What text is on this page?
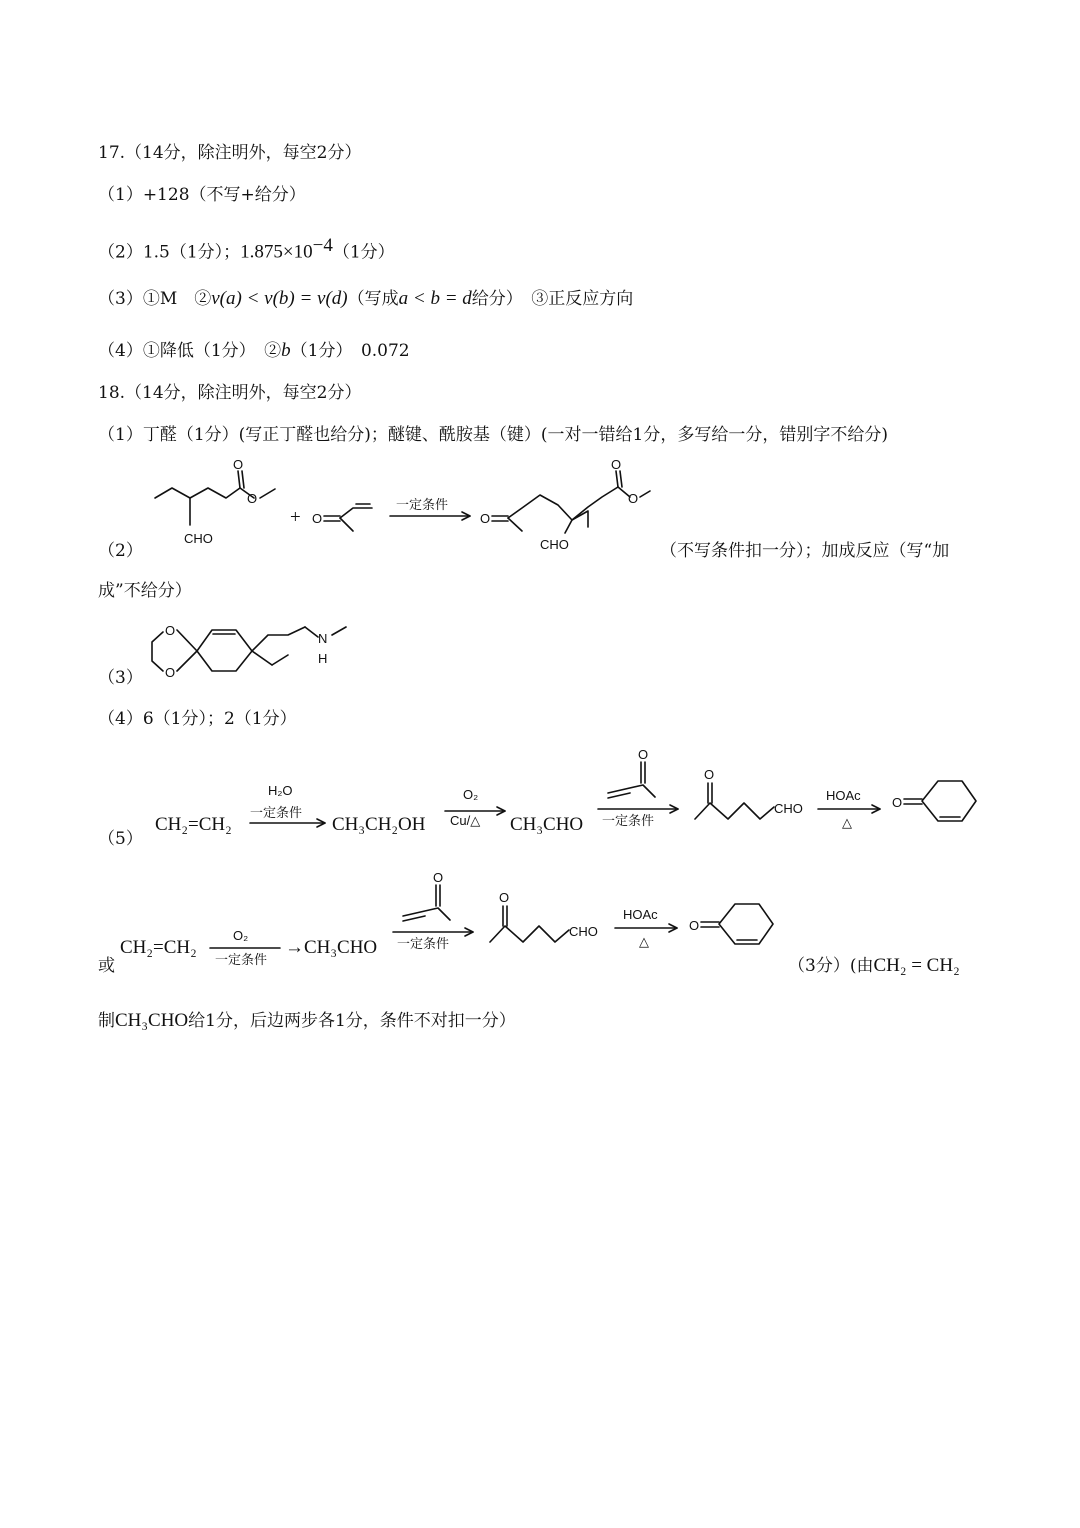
17.（14分，除注明外，每空2分）
（1）+128（不写+给分）
（2）1.5（1分）；$1.875\times 10^{-4}(1$分）
（3）①M　②v(a) < v(b) = v(d)（写成a < b = d给分）　③正反应方向
（4）①降低（1分）　②b（1分）　0.072
18.（14分，除注明外，每空2分）
（1）丁醛（1分）(写正丁醛也给分)；醚键、酰胺基（键）(一对一错给1分，多写给一分，错别字不给分)
（2）
O
O
CHO
+ O
一定条件
O
O
O
CHO	（不写条件扣一分）；加成反应（写“加
成”不给分）
（3）
O
O
N
H
（4）6（1分）；2（1分）
（5）
CH₂=CH₂
H₂O
一定条件
CH₃CH₂OH
O₂
Cu/△ CH₃CHO
O
一定条件
O
CHO
HOAc
△
O
或
CH₂=CH₂
O₂
一定条件
→CH₃CHO
O
一定条件
O
CHO
HOAc
△
O
（3分）(由CH₂ = CH₂
制CH₃CHO给1分，后边两步各1分，条件不对扣一分）
